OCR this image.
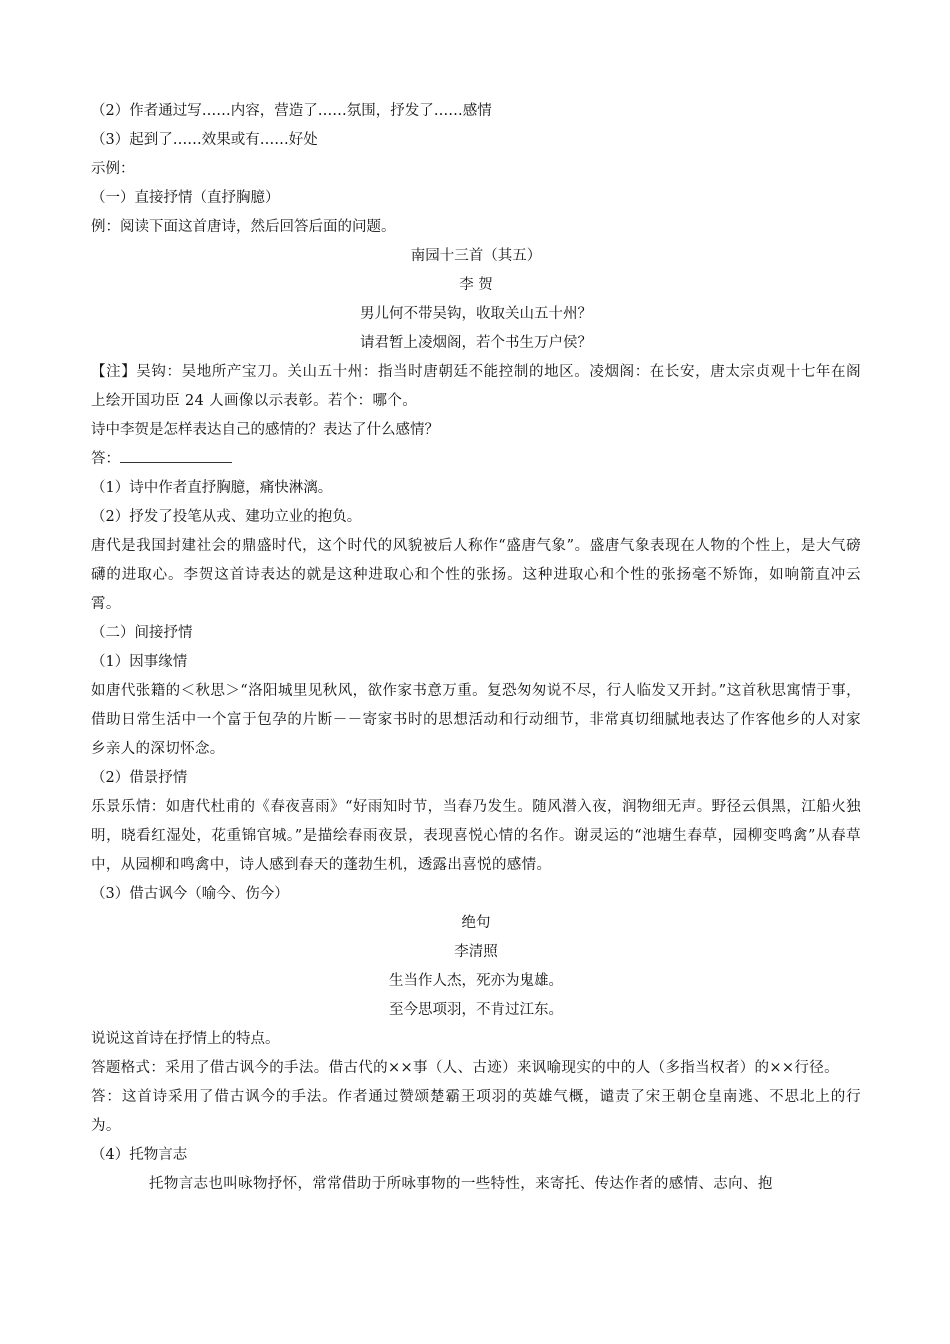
（2）作者通过写……内容，营造了……氛围，抒发了……感情

（3）起到了……效果或有……好处

示例：

（一）直接抒情（直抒胸臆）

例：阅读下面这首唐诗，然后回答后面的问题。

南园十三首（其五）

李 贺

男儿何不带吴钩，收取关山五十州？

请君暂上凌烟阁，若个书生万户侯？

【注】吴钩：吴地所产宝刀。关山五十州：指当时唐朝廷不能控制的地区。凌烟阁：在长安，唐太宗贞观十七年在阁上绘开国功臣 24 人画像以示表彰。若个：哪个。

诗中李贺是怎样表达自己的感情的？表达了什么感情？

答：

（1）诗中作者直抒胸臆，痛快淋漓。

（2）抒发了投笔从戎、建功立业的抱负。

唐代是我国封建社会的鼎盛时代，这个时代的风貌被后人称作“盛唐气象”。盛唐气象表现在人物的个性上，是大气磅礴的进取心。李贺这首诗表达的就是这种进取心和个性的张扬。这种进取心和个性的张扬毫不矫饰，如响箭直冲云霄。

（二）间接抒情

（1）因事缘情

如唐代张籍的＜秋思＞“洛阳城里见秋风，欲作家书意万重。复恐匆匆说不尽，行人临发又开封。”这首秋思寓情于事，借助日常生活中一个富于包孕的片断－－寄家书时的思想活动和行动细节，非常真切细腻地表达了作客他乡的人对家乡亲人的深切怀念。

（2）借景抒情

乐景乐情：如唐代杜甫的《春夜喜雨》“好雨知时节，当春乃发生。随风潜入夜，润物细无声。野径云俱黑，江船火独明，晓看红湿处，花重锦官城。”是描绘春雨夜景，表现喜悦心情的名作。谢灵运的“池塘生春草，园柳变鸣禽”从春草中，从园柳和鸣禽中，诗人感到春天的蓬勃生机，透露出喜悦的感情。

（3）借古讽今（喻今、伤今）

绝句

李清照

生当作人杰，死亦为鬼雄。

至今思项羽，不肯过江东。

说说这首诗在抒情上的特点。

答题格式：采用了借古讽今的手法。借古代的××事（人、古迹）来讽喻现实的中的人（多指当权者）的××行径。

答：这首诗采用了借古讽今的手法。作者通过赞颂楚霸王项羽的英雄气概，谴责了宋王朝仓皇南逃、不思北上的行为。

（4）托物言志

托物言志也叫咏物抒怀，常常借助于所咏事物的一些特性，来寄托、传达作者的感情、志向、抱
